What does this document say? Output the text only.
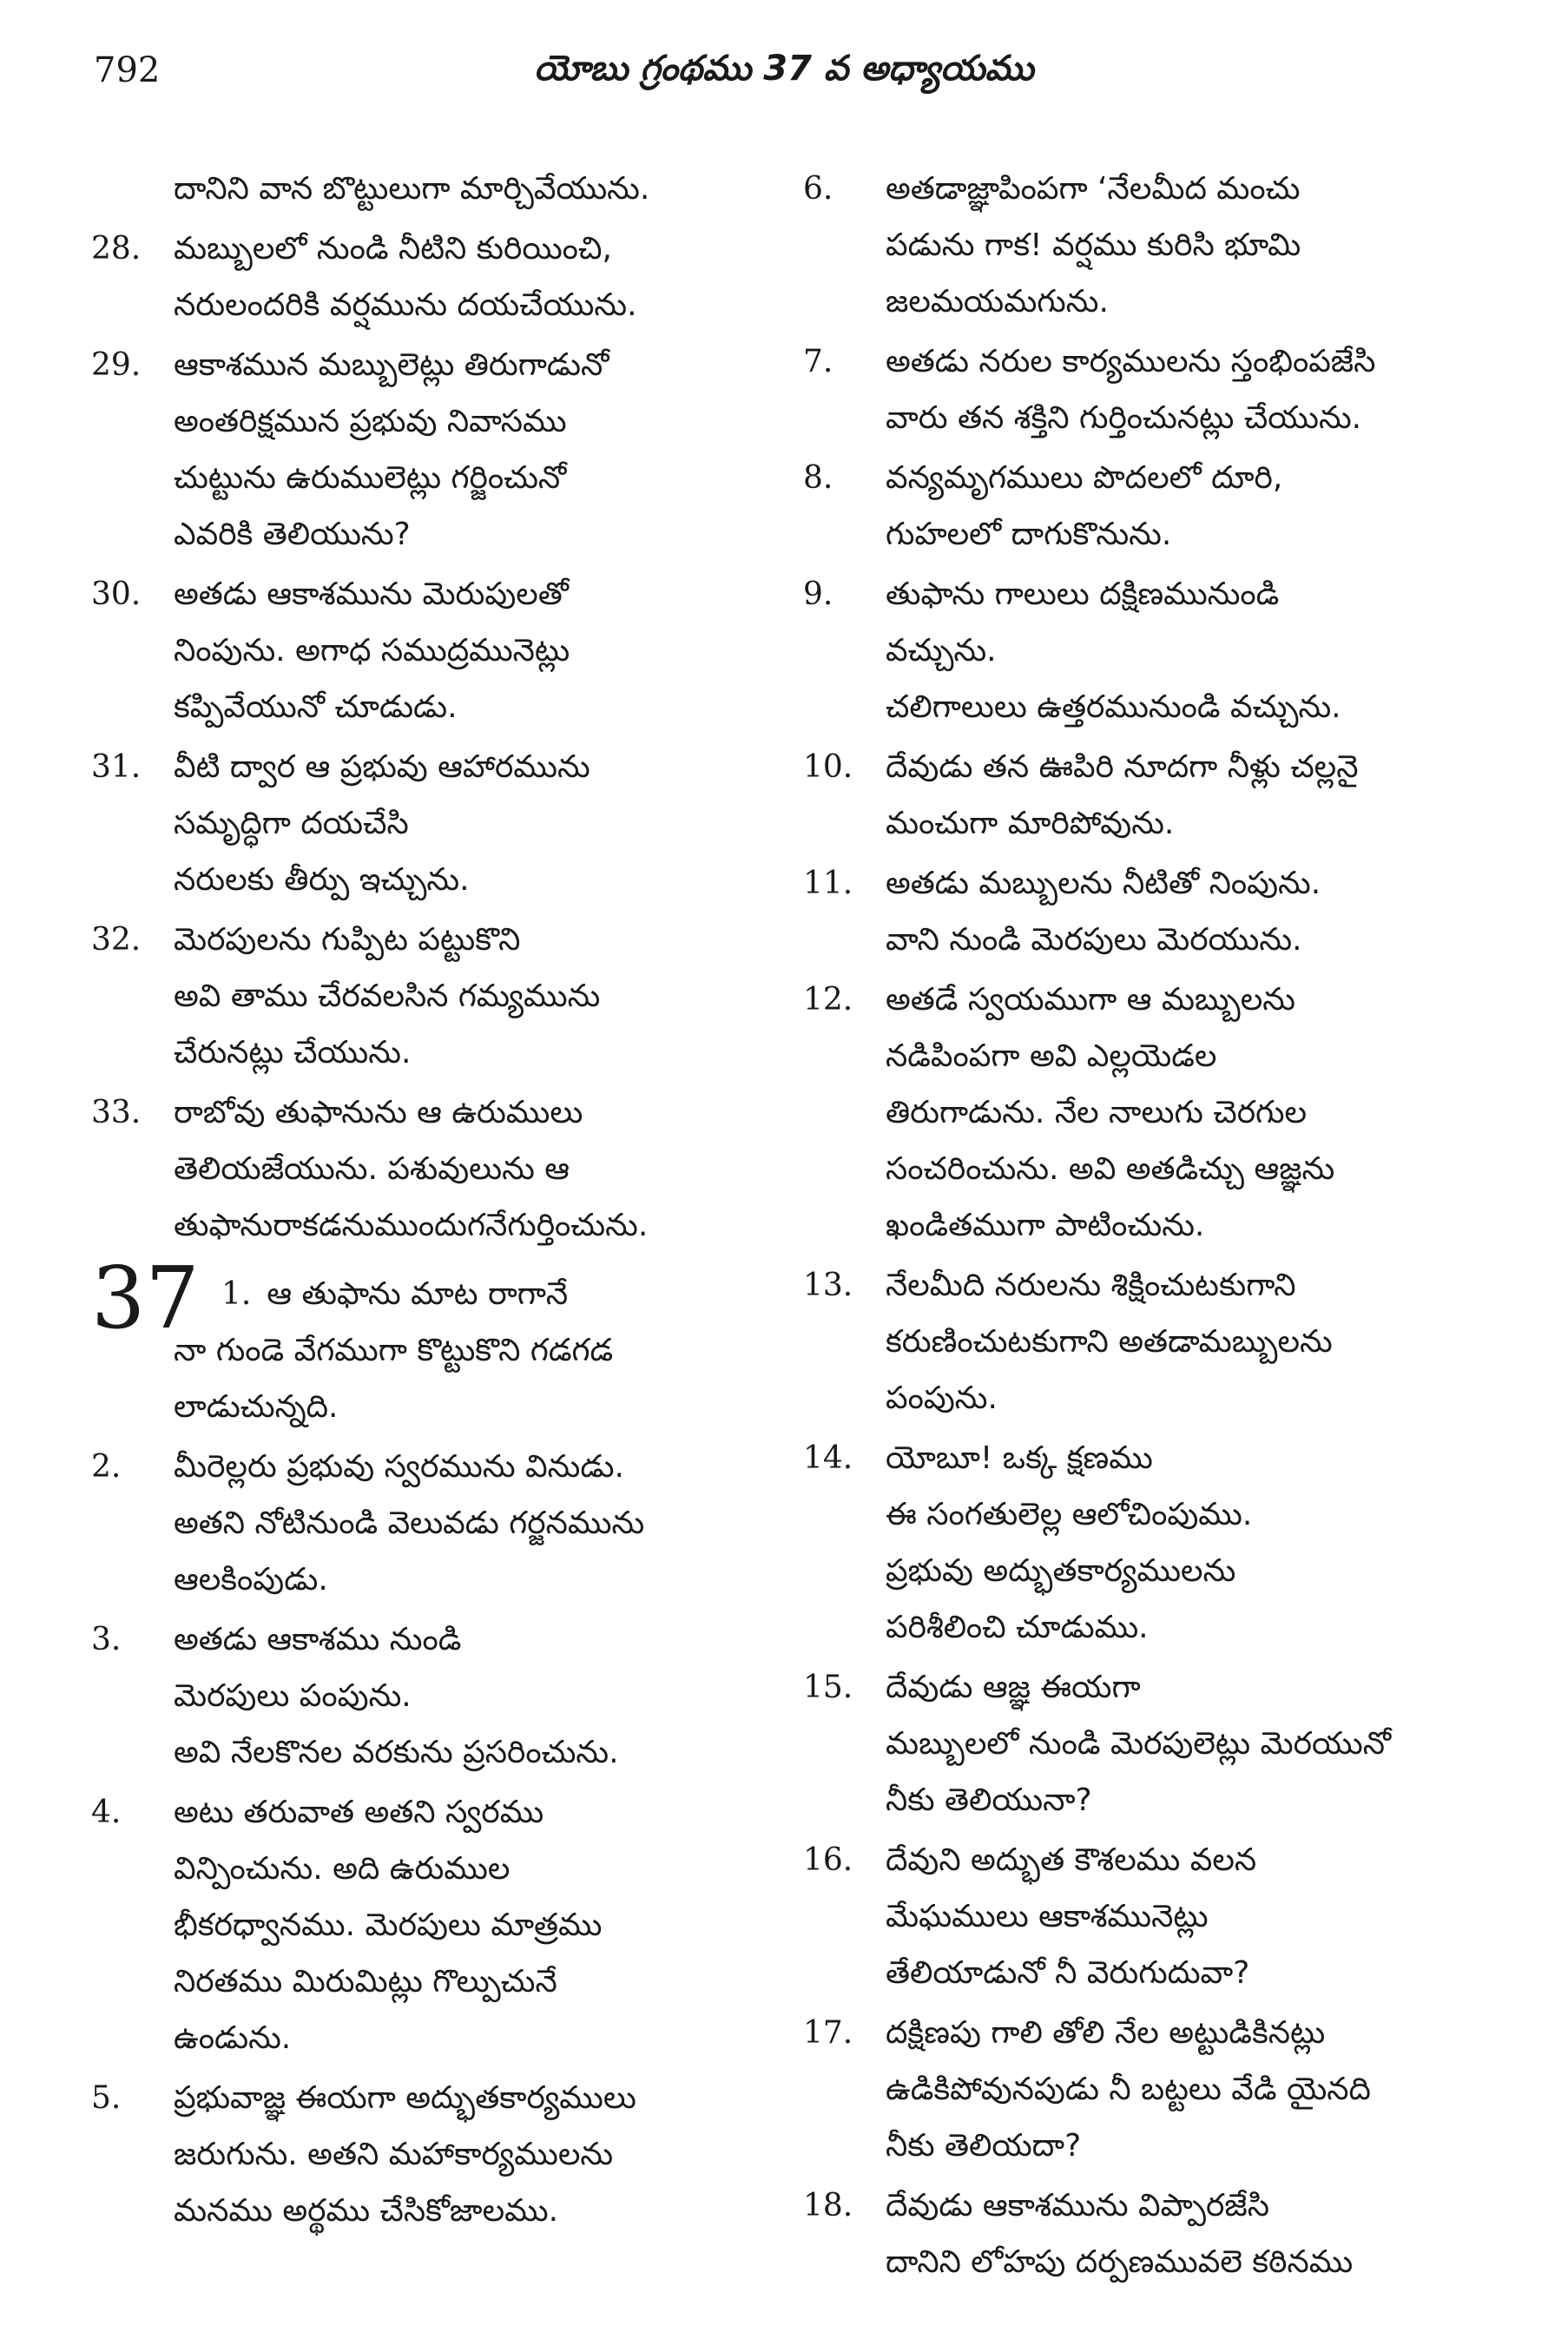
792	యోబు గ్రంథము 37 వ అధ్యాయము
దానిని వాన బొట్టులుగా మార్చివేయును.
28. మబ్బులలో నుండి నీటిని కురియించి,
నరులందరికి వర్షమును దయచేయును.
29. ఆకాశమున మబ్బులెట్లు తిరుగాడునో
అంతరిక్షమున ప్రభువు నివాసము
చుట్టును ఉరుములెట్లు గర్జించునో
ఎవరికి తెలియును?
30. అతడు ఆకాశమును మెరుపులతో
నింపును. అగాధ సముద్రమునెట్లు
కప్పివేయునో చూడుడు.
31. వీటి ద్వార ఆ ప్రభువు ఆహారమును
సమృద్ధిగా దయచేసి
నరులకు తీర్పు ఇచ్చును.
32. మెరపులను గుప్పిట పట్టుకొని
అవి తాము చేరవలసిన గమ్యమును
చేరునట్లు చేయును.
33. రాబోవు తుఫానును ఆ ఉరుములు
తెలియజేయును. పశువులును ఆ
తుఫానురాకడనుముందుగనేగుర్తించును.
37 1. ఆ తుఫాను మాట రాగానే
నా గుండె వేగముగా కొట్టుకొని గడగడ
లాడుచున్నది.
2. మీరెల్లరు ప్రభువు స్వరమును వినుడు.
అతని నోటినుండి వెలువడు గర్జనమును
ఆలకింపుడు.
3. అతడు ఆకాశము నుండి
మెరపులు పంపును.
అవి నేలకొనల వరకును ప్రసరించును.
4. అటు తరువాత అతని స్వరము
విన్పించును. అది ఉరుముల
భీకరధ్వానము. మెరపులు మాత్రము
నిరతము మిరుమిట్లు గొల్పుచునే
ఉండును.
5. ప్రభువాజ్ఞ ఈయగా అద్భుతకార్యములు
జరుగును. అతని మహాకార్యములను
మనము అర్థము చేసికోజాలము.
6. అతడాజ్ఞాపింపగా ‘నేలమీద మంచు
పడును గాక! వర్షము కురిసి భూమి
జలమయమగును.
7. అతడు నరుల కార్యములను స్తంభింపజేసి
వారు తన శక్తిని గుర్తించునట్లు చేయును.
8. వన్యమృగములు పొదలలో దూరి,
గుహలలో దాగుకొనును.
9. తుఫాను గాలులు దక్షిణమునుండి
వచ్చును.
చలిగాలులు ఉత్తరమునుండి వచ్చును.
10. దేవుడు తన ఊపిరి నూదగా నీళ్లు చల్లనై
మంచుగా మారిపోవును.
11. అతడు మబ్బులను నీటితో నింపును.
వాని నుండి మెరపులు మెరయును.
12. అతడే స్వయముగా ఆ మబ్బులను
నడిపింపగా అవి ఎల్లయెడల
తిరుగాడును. నేల నాలుగు చెరగుల
సంచరించును. అవి అతడిచ్చు ఆజ్ఞను
ఖండితముగా పాటించును.
13. నేలమీది నరులను శిక్షించుటకుగాని
కరుణించుటకుగాని అతడామబ్బులను
పంపును.
14. యోబూ! ఒక్క క్షణము
ఈ సంగతులెల్ల ఆలోచింపుము.
ప్రభువు అద్భుతకార్యములను
పరిశీలించి చూడుము.
15. దేవుడు ఆజ్ఞ ఈయగా
మబ్బులలో నుండి మెరపులెట్లు మెరయునో
నీకు తెలియునా?
16. దేవుని అద్భుత కౌశలము వలన
మేఘములు ఆకాశమునెట్లు
తేలియాడునో నీ వెరుగుదువా?
17. దక్షిణపు గాలి తోలి నేల అట్టుడికినట్లు
ఉడికిపోవునపుడు నీ బట్టలు వేడి యైనది
నీకు తెలియదా?
18. దేవుడు ఆకాశమును విప్పారజేసి
దానిని లోహపు దర్పణమువలె కఠినము
